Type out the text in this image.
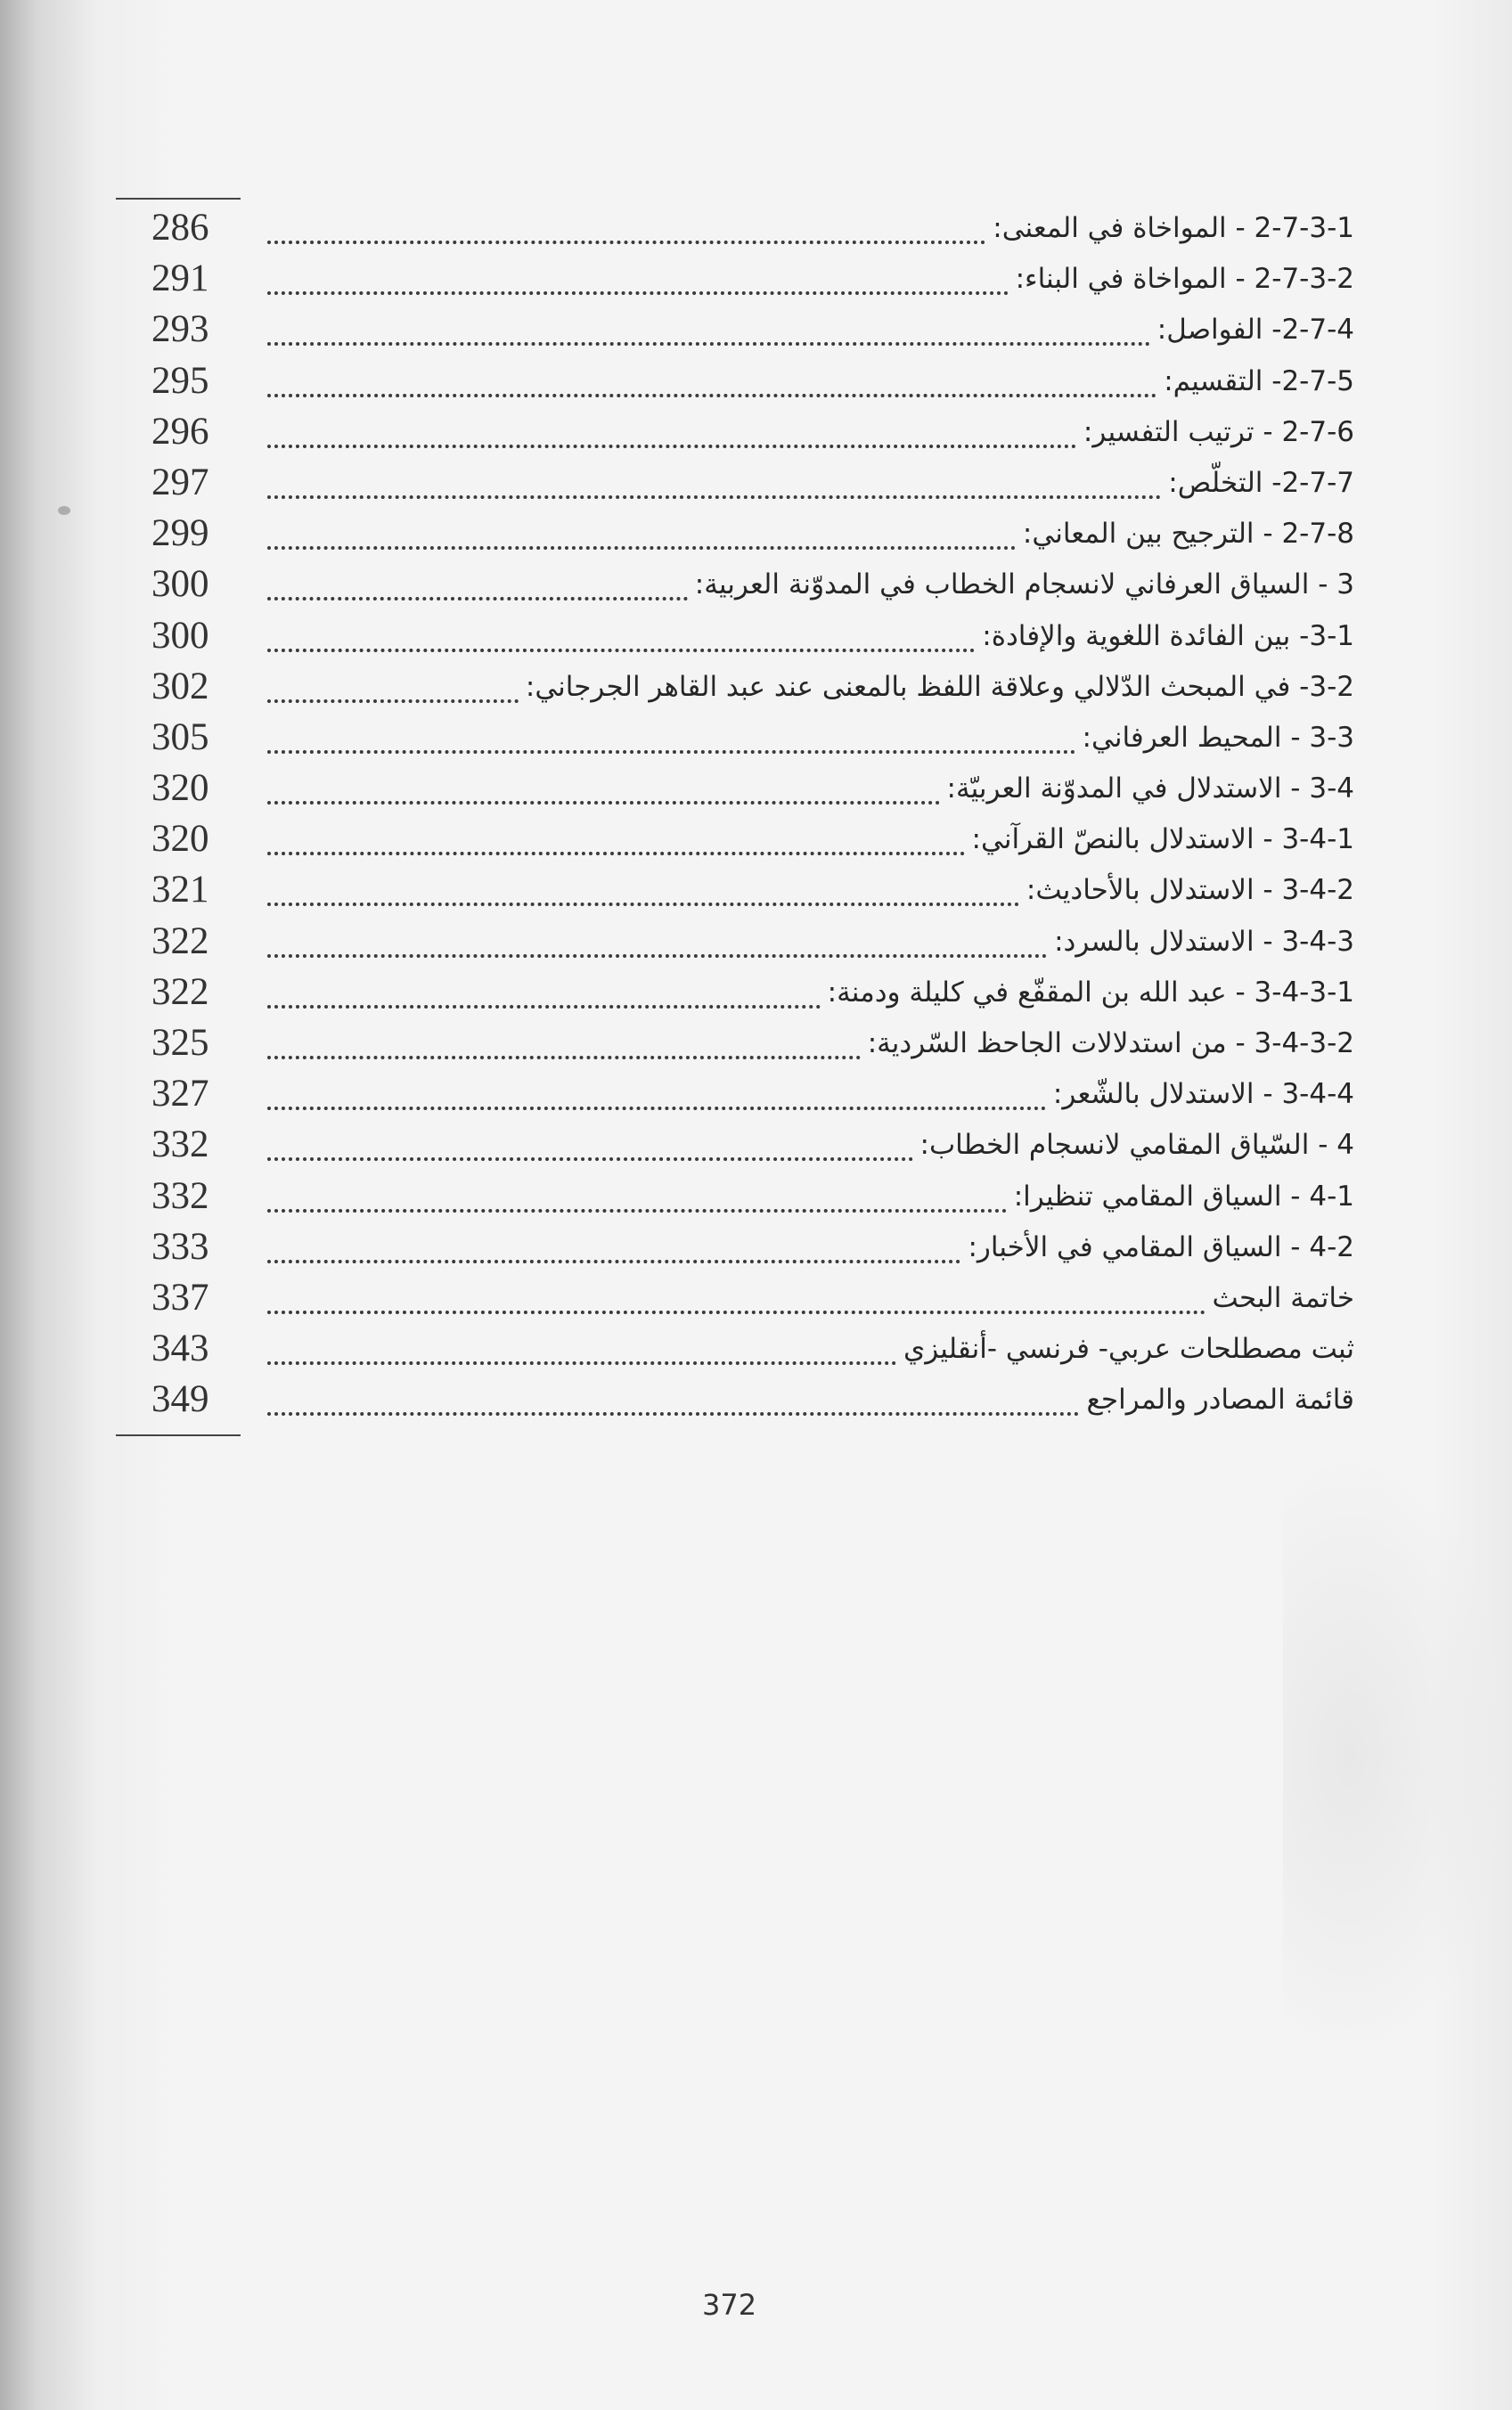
286	2-7-3-1 - المواخاة في المعنى:
291	2-7-3-2 - المواخاة في البناء:
293	2-7-4- الفواصل:
295	2-7-5- التقسيم:
296	2-7-6 - ترتيب التفسير:
297	2-7-7- التخلّص:
299	2-7-8 - الترجيح بين المعاني:
300	3 - السياق العرفاني لانسجام الخطاب في المدوّنة العربية:
300	3-1- بين الفائدة اللغوية والإفادة:
302	3-2- في المبحث الدّلالي وعلاقة اللفظ بالمعنى عند عبد القاهر الجرجاني:
305	3-3 - المحيط العرفاني:
320	3-4 - الاستدلال في المدوّنة العربيّة:
320	3-4-1 - الاستدلال بالنصّ القرآني:
321	3-4-2 - الاستدلال بالأحاديث:
322	3-4-3 - الاستدلال بالسرد:
322	3-4-3-1 - عبد الله بن المقفّع في كليلة ودمنة:
325	3-4-3-2 - من استدلالات الجاحظ السّردية:
327	3-4-4 - الاستدلال بالشّعر:
332	4 - السّياق المقامي لانسجام الخطاب:
332	4-1 - السياق المقامي تنظيرا:
333	4-2 - السياق المقامي في الأخبار:
337	خاتمة البحث
343	ثبت مصطلحات عربي- فرنسي -أنقليزي
349	قائمة المصادر والمراجع
372
